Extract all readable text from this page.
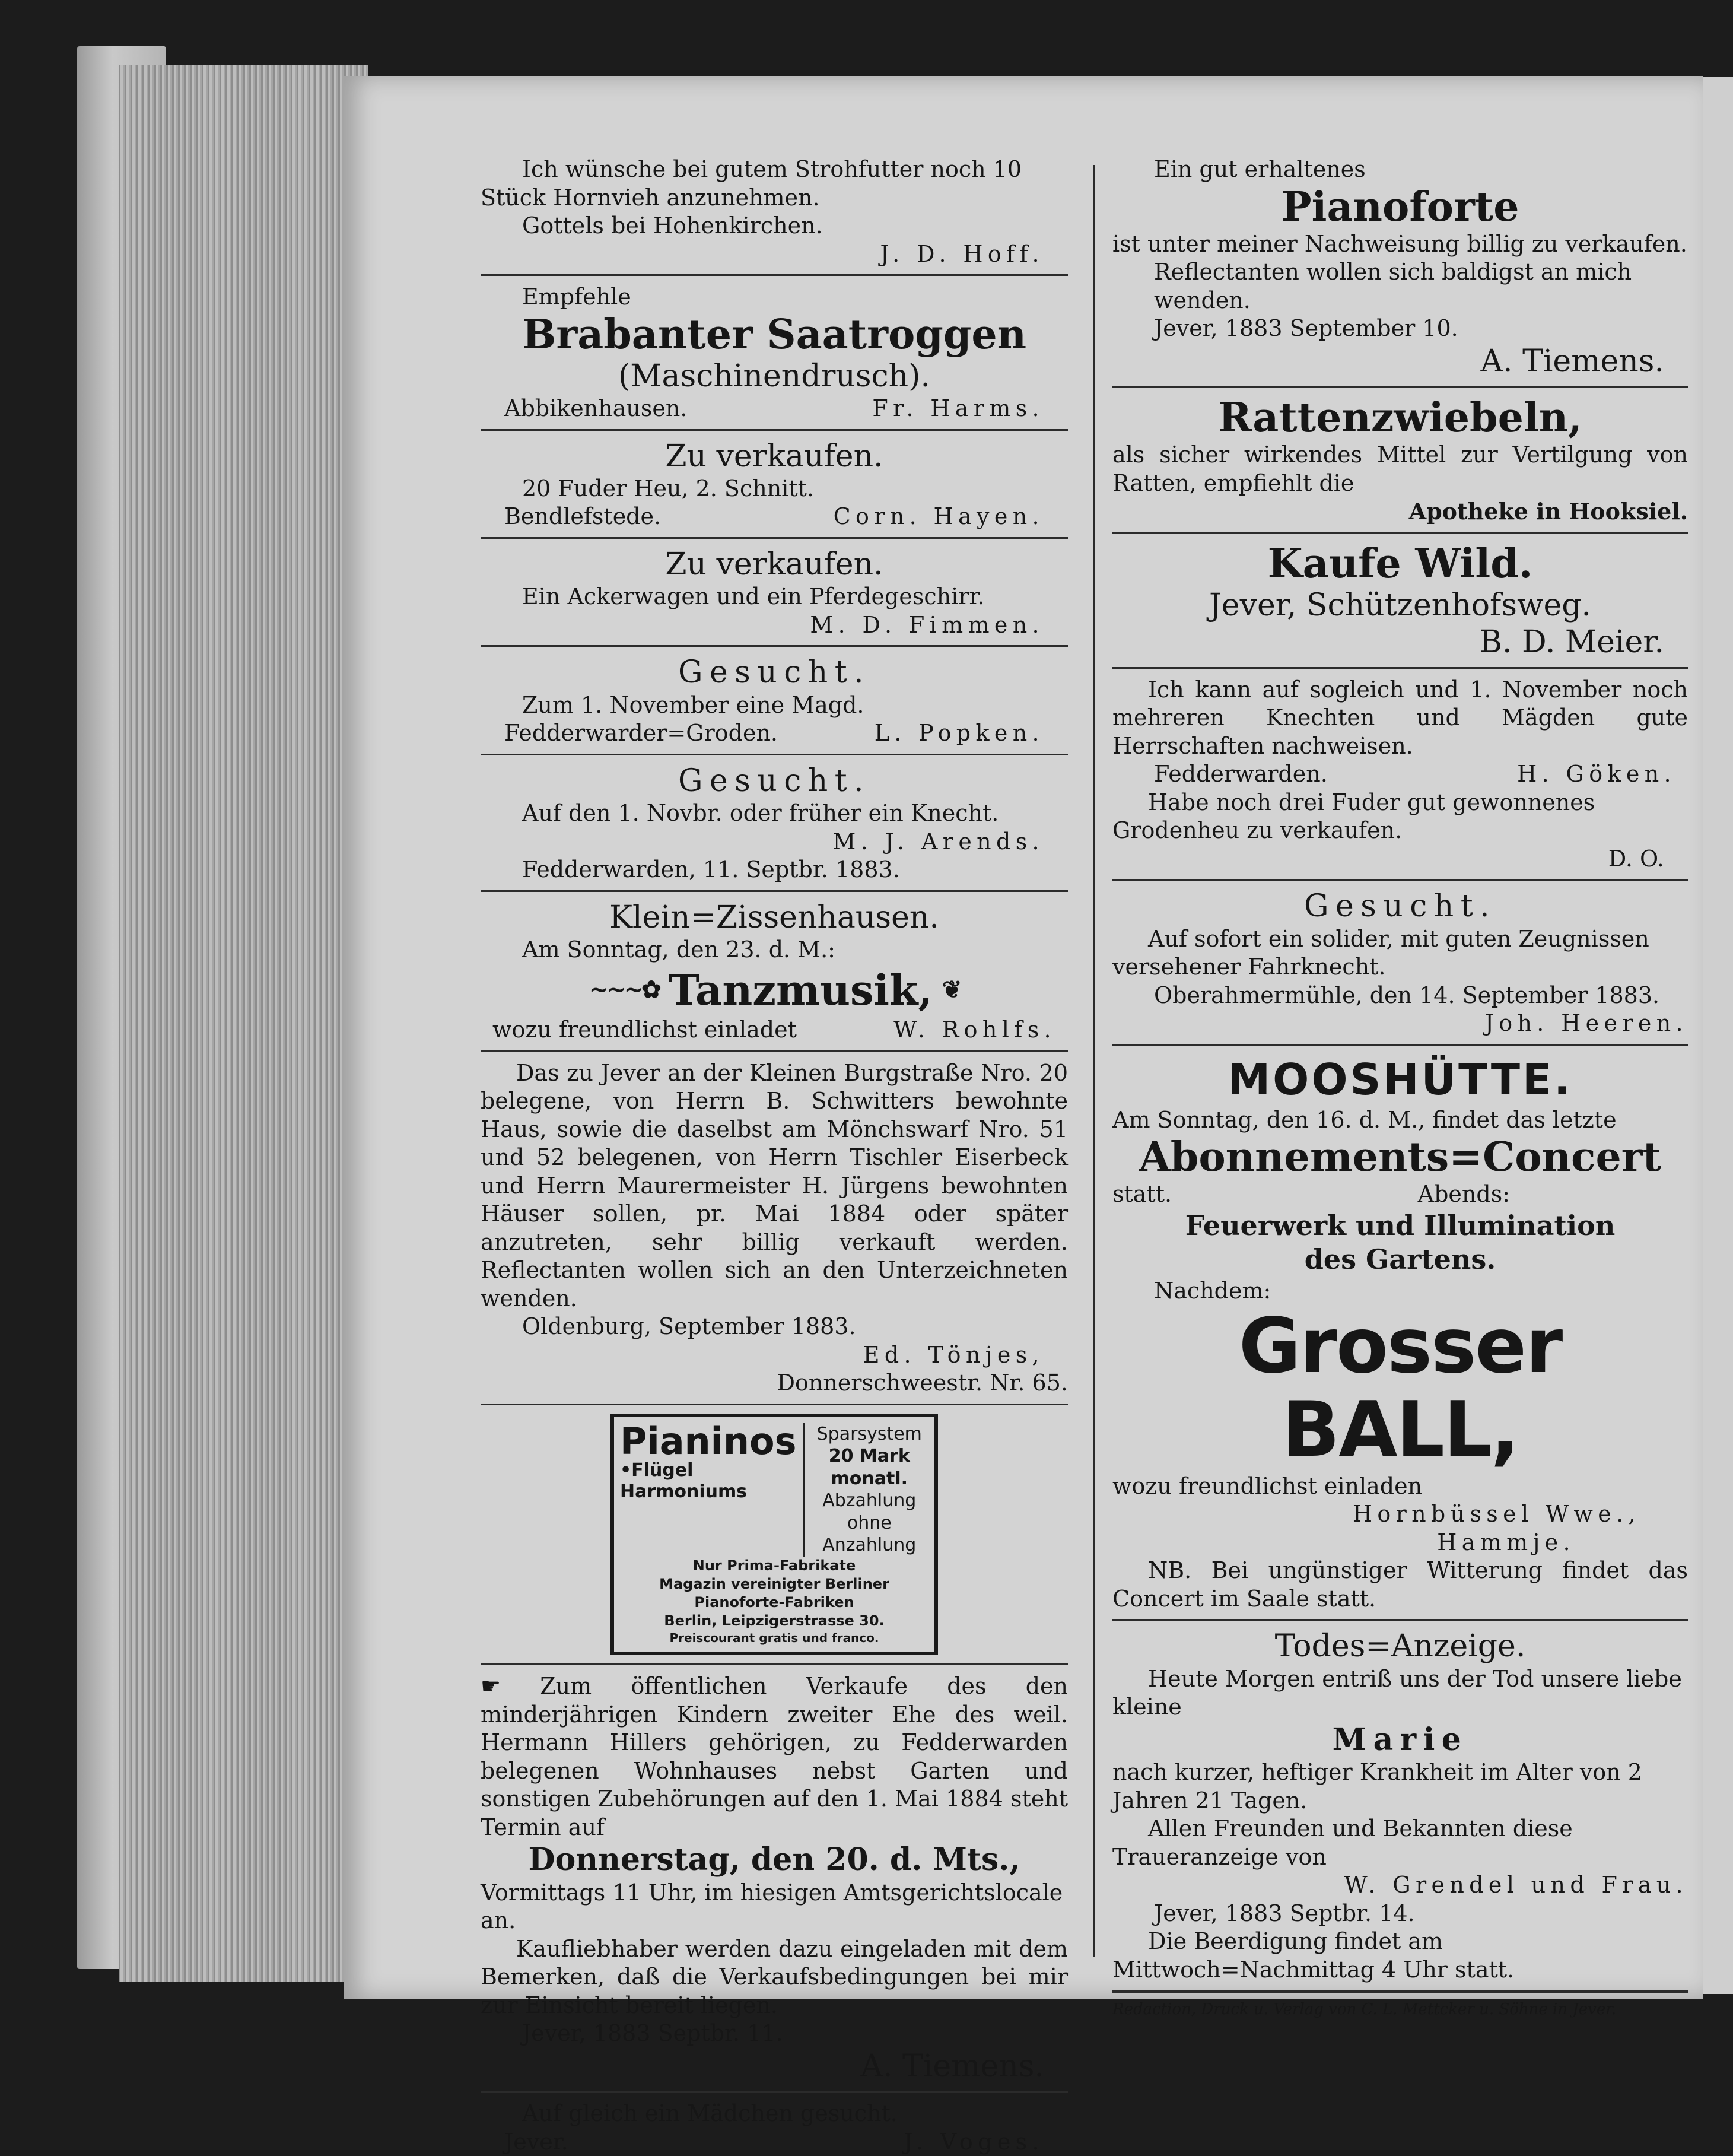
Ich wünsche bei gutem Strohfutter noch 10
Stück Hornvieh anzunehmen.
Gottels bei Hohenkirchen.
J. D. Hoff.
Empfehle
Brabanter Saatroggen
(Maschinendrusch).
Abbikenhausen.	Fr. Harms.
Zu verkaufen.
20 Fuder Heu, 2. Schnitt.
Bendlefstede.	Corn. Hayen.
Zu verkaufen.
Ein Ackerwagen und ein Pferdegeschirr.
M. D. Fimmen.
Gesucht.
Zum 1. November eine Magd.
Fedderwarder=Groden.	L. Popken.
Gesucht.
Auf den 1. Novbr. oder früher ein Knecht.
M. J. Arends.
Fedderwarden, 11. Septbr. 1883.
Klein=Zissenhausen.
Am Sonntag, den 23. d. M.:
~~~✿ Tanzmusik, ❦
wozu freundlichst einladet	W. Rohlfs.
Das zu Jever an der Kleinen Burgstraße Nro. 20 belegene, von Herrn B. Schwitters bewohnte Haus, sowie die daselbst am Mönchswarf Nro. 51 und 52 belegenen, von Herrn Tischler Eiserbeck und Herrn Maurermeister H. Jürgens bewohnten Häuser sollen, pr. Mai 1884 oder später anzutreten, sehr billig verkauft werden. Reflectanten wollen sich an den Unterzeichneten wenden.
Oldenburg, September 1883.
Ed. Tönjes,
Donnerschweestr. Nr. 65.
Pianinos
•Flügel
Harmoniums
Sparsystem
20 Mark monatl.
Abzahlung
ohne Anzahlung
Nur Prima-Fabrikate
Magazin vereinigter Berliner
Pianoforte-Fabriken
Berlin, Leipzigerstrasse 30.
Preiscourant gratis und franco.
☛ Zum öffentlichen Verkaufe des den minderjährigen Kindern zweiter Ehe des weil. Hermann Hillers gehörigen, zu Fedderwarden belegenen Wohnhauses nebst Garten und sonstigen Zubehörungen auf den 1. Mai 1884 steht Termin auf
Donnerstag, den 20. d. Mts.,
Vormittags 11 Uhr, im hiesigen Amtsgerichtslocale an.
Kaufliebhaber werden dazu eingeladen mit dem Bemerken, daß die Verkaufsbedingungen bei mir zur Einsicht bereit liegen.
Jever, 1883 Septbr. 11.
A. Tiemens.
Auf gleich ein Mädchen gesucht.
Jever.	J. Voges.
Ein gut erhaltenes
Pianoforte
ist unter meiner Nachweisung billig zu verkaufen.
Reflectanten wollen sich baldigst an mich wenden.
Jever, 1883 September 10.
A. Tiemens.
Rattenzwiebeln,
als sicher wirkendes Mittel zur Vertilgung von Ratten, empfiehlt die
Apotheke in Hooksiel.
Kaufe Wild.
Jever, Schützenhofsweg.
B. D. Meier.
Ich kann auf sogleich und 1. November noch mehreren Knechten und Mägden gute Herrschaften nachweisen.
Fedderwarden.	H. Göken.
Habe noch drei Fuder gut gewonnenes Grodenheu zu verkaufen.
D. O.
Gesucht.
Auf sofort ein solider, mit guten Zeugnissen versehener Fahrknecht.
Oberahmermühle, den 14. September 1883.
Joh. Heeren.
MOOSHÜTTE.
Am Sonntag, den 16. d. M., findet das letzte
Abonnements=Concert
statt.	Abends:
Feuerwerk und Illumination
des Gartens.
Nachdem:
Grosser BALL,
wozu freundlichst einladen
Hornbüssel Wwe.,
Hammje.
NB. Bei ungünstiger Witterung findet das Concert im Saale statt.
Todes=Anzeige.
Heute Morgen entriß uns der Tod unsere liebe kleine
Marie
nach kurzer, heftiger Krankheit im Alter von 2 Jahren 21 Tagen.
Allen Freunden und Bekannten diese Traueranzeige von
W. Grendel und Frau.
Jever, 1883 Septbr. 14.
Die Beerdigung findet am Mittwoch=Nachmittag 4 Uhr statt.
Redaction, Druck u. Verlag von C. L. Mettcker u. Söhne in Jever.
